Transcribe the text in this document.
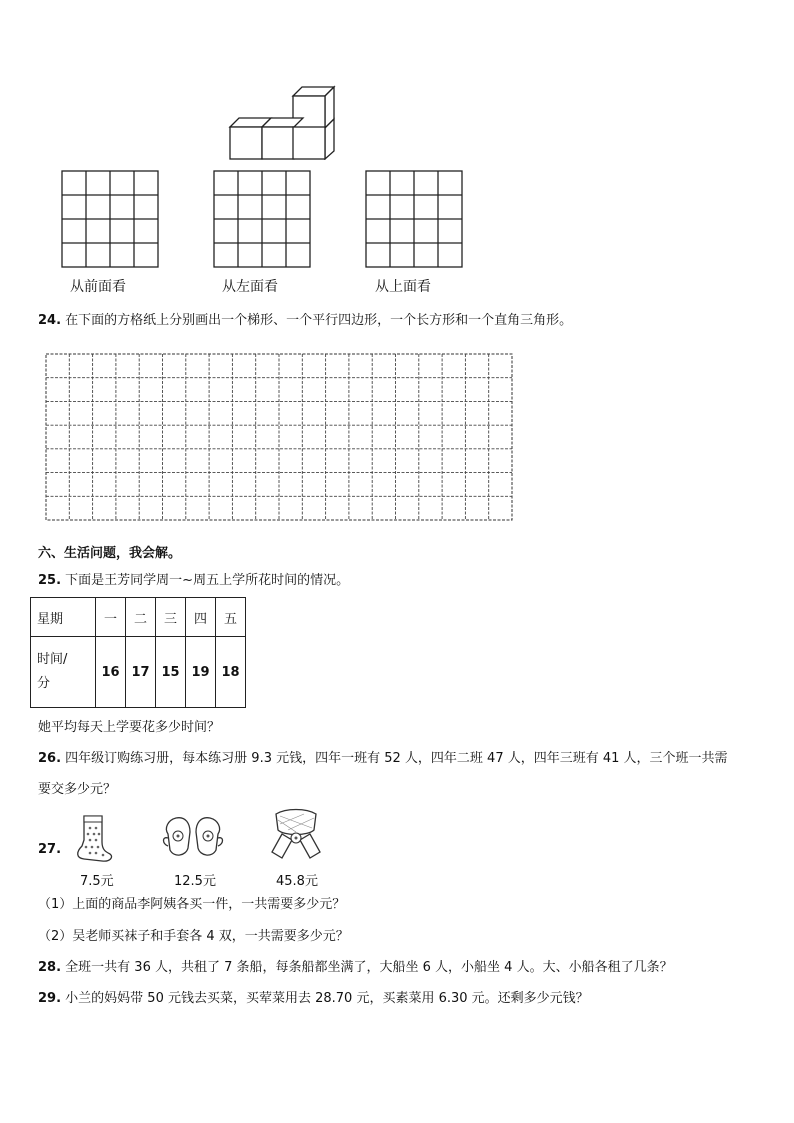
从前面看	从左面看	从上面看
24. 在下面的方格纸上分别画出一个梯形、一个平行四边形，一个长方形和一个直角三角形。
六、生活问题，我会解。
25. 下面是王芳同学周一~周五上学所花时间的情况。
星期	一	二	三	四	五
时间/
分	16	17	15	19	18
她平均每天上学要花多少时间？
26. 四年级订购练习册，每本练习册 9.3 元钱，四年一班有 52 人，四年二班 47 人，四年三班有 41 人，三个班一共需
要交多少元？
27.
7.5元	12.5元	45.8元
（1）上面的商品李阿姨各买一件，一共需要多少元？
（2）吴老师买袜子和手套各 4 双，一共需要多少元？
28. 全班一共有 36 人，共租了 7 条船，每条船都坐满了，大船坐 6 人，小船坐 4 人。大、小船各租了几条？
29. 小兰的妈妈带 50 元钱去买菜，买荤菜用去 28.70 元，买素菜用 6.30 元。还剩多少元钱？
